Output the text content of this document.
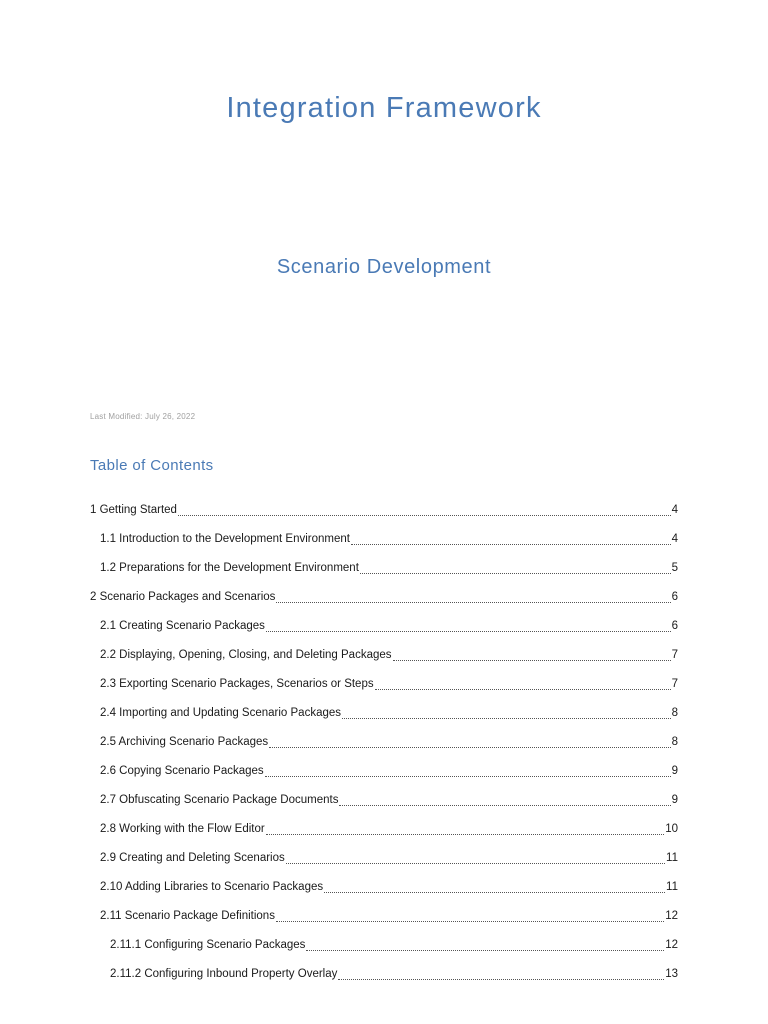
Integration Framework
Scenario Development
Last Modified: July 26, 2022
Table of Contents
1 Getting Started	4
1.1 Introduction to the Development Environment	4
1.2 Preparations for the Development Environment	5
2 Scenario Packages and Scenarios	6
2.1 Creating Scenario Packages	6
2.2 Displaying, Opening, Closing, and Deleting Packages	7
2.3 Exporting Scenario Packages, Scenarios or Steps	7
2.4 Importing and Updating Scenario Packages	8
2.5 Archiving Scenario Packages	8
2.6 Copying Scenario Packages	9
2.7 Obfuscating Scenario Package Documents	9
2.8 Working with the Flow Editor	10
2.9 Creating and Deleting Scenarios	11
2.10 Adding Libraries to Scenario Packages	11
2.11 Scenario Package Definitions	12
2.11.1 Configuring Scenario Packages	12
2.11.2 Configuring Inbound Property Overlay	13
